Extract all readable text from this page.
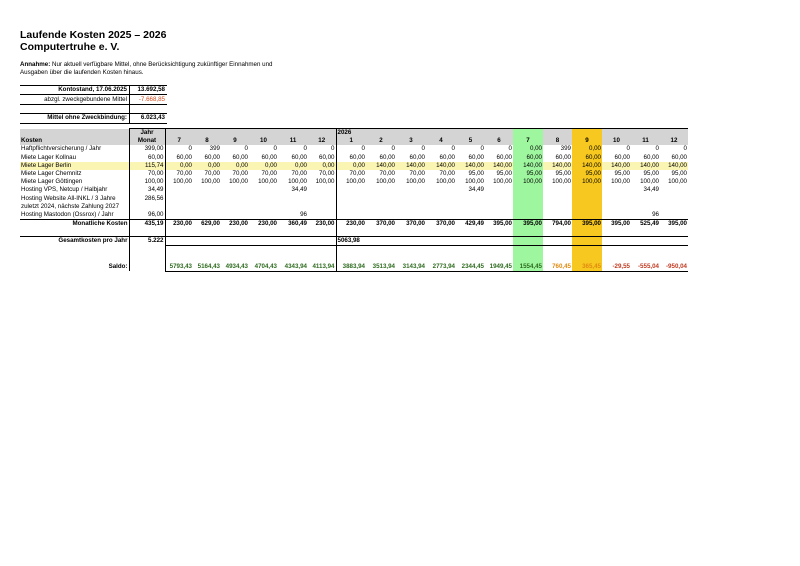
Laufende Kosten 2025 – 2026
Computertruhe e. V.
Annahme: Nur aktuell verfügbare Mittel, ohne Berücksichtigung zukünftiger Einnahmen und Ausgaben über die laufenden Kosten hinaus.
Kontostand, 17.06.2025	13.692,58
abzgl. zweckgebundene Mittel	-7.668,85

Mittel ohne Zweckbindung:	6.023,43
	Jahr							2026											
Kosten	Monat	7	8	9	10	11	12	1	2	3	4	5	6	7	8	9	10	11	12
Haftpflichtversicherung / Jahr	399,00	0	399	0	0	0	0	0	0	0	0	0	0	0,00	399	0,00	0	0	0
Miete Lager Kollnau	60,00	60,00	60,00	60,00	60,00	60,00	60,00	60,00	60,00	60,00	60,00	60,00	60,00	60,00	60,00	60,00	60,00	60,00	60,00
Miete Lager Berlin	115,74	0,00	0,00	0,00	0,00	0,00	0,00	0,00	140,00	140,00	140,00	140,00	140,00	140,00	140,00	140,00	140,00	140,00	140,00
Miete Lager Chemnitz	70,00	70,00	70,00	70,00	70,00	70,00	70,00	70,00	70,00	70,00	70,00	95,00	95,00	95,00	95,00	95,00	95,00	95,00	95,00
Miete Lager Göttingen	100,00	100,00	100,00	100,00	100,00	100,00	100,00	100,00	100,00	100,00	100,00	100,00	100,00	100,00	100,00	100,00	100,00	100,00	100,00
Hosting VPS, Netcup / Halbjahr	34,49					34,49						34,49						34,49	
Hosting Website All-INKL / 3 Jahre zuletzt 2024, nächste Zahlung 2027	286,56																		
Hosting Mastodon (Ossrox) / Jahr	96,00					96												96	
Monatliche Kosten	435,19	230,00	629,00	230,00	230,00	360,49	230,00	230,00	370,00	370,00	370,00	429,49	395,00	395,00	794,00	395,00	395,00	525,49	395,00

Gesamtkosten pro Jahr	5.222							5063,98											

Saldo:		5793,43	5164,43	4934,43	4704,43	4343,94	4113,94	3883,94	3513,94	3143,94	2773,94	2344,45	1949,45	1554,45	760,45	365,45	-29,55	-555,04	-950,04
